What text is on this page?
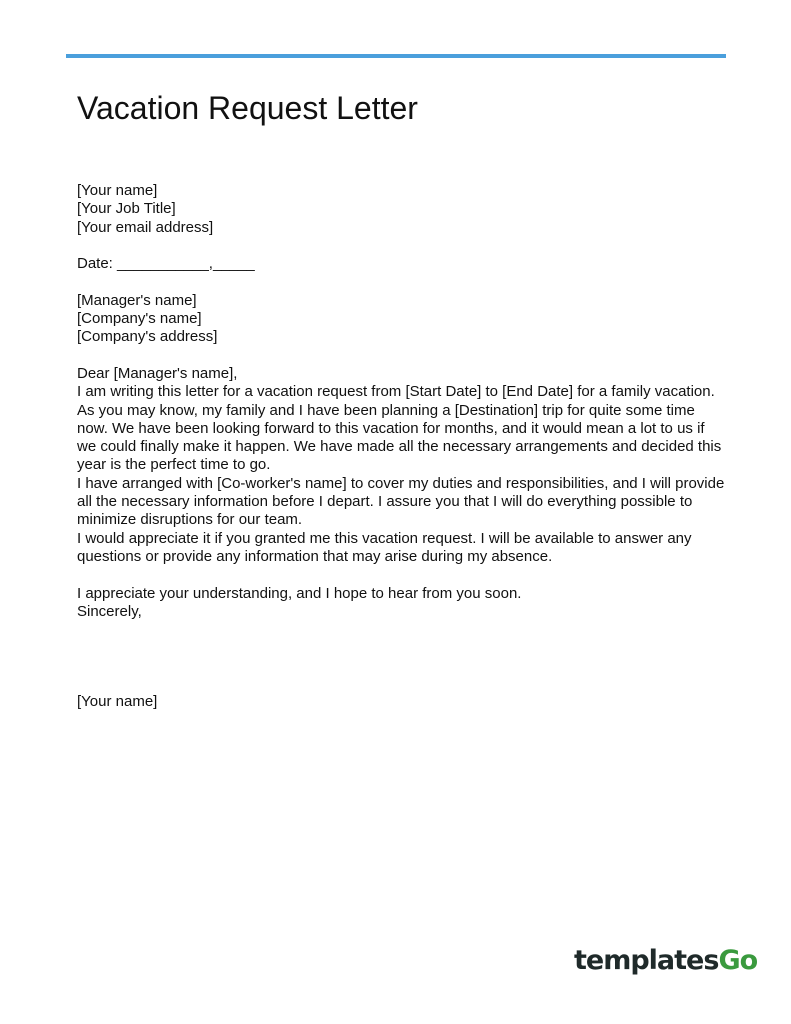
Vacation Request Letter
[Your name]
[Your Job Title]
[Your email address]
Date: ___________,_____
[Manager's name]
[Company's name]
[Company's address]
Dear [Manager's name],

I am writing this letter for a vacation request from [Start Date] to [End Date] for a family vacation.

As you may know, my family and I have been planning a [Destination] trip for quite some time now. We have been looking forward to this vacation for months, and it would mean a lot to us if we could finally make it happen. We have made all the necessary arrangements and decided this year is the perfect time to go.

I have arranged with [Co-worker's name] to cover my duties and responsibilities, and I will provide all the necessary information before I depart. I assure you that I will do everything possible to minimize disruptions for our team.

I would appreciate it if you granted me this vacation request. I will be available to answer any questions or provide any information that may arise during my absence.

I appreciate your understanding, and I hope to hear from you soon.
Sincerely,
[Your name]
templatesGo
